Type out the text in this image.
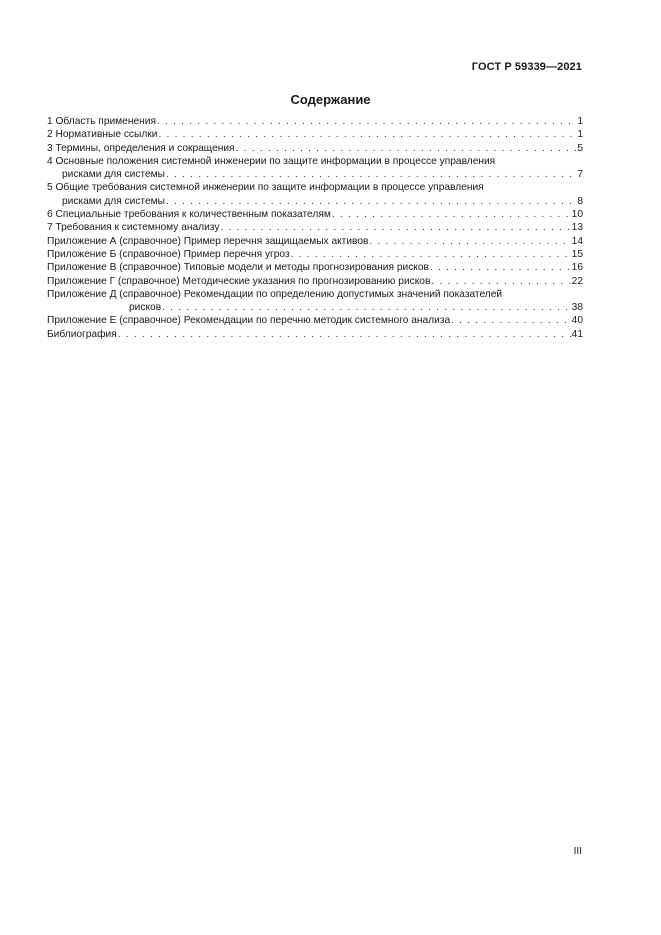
ГОСТ Р 59339—2021
Содержание
1 Область применения . . .	1
2 Нормативные ссылки . . .	1
3 Термины, определения и сокращения . . .	5
4 Основные положения системной инженерии по защите информации в процессе управления
рисками для системы . . .	7
5 Общие требования системной инженерии по защите информации в процессе управления
рисками для системы . . .	8
6 Специальные требования к количественным показателям . . .	10
7 Требования к системному анализу . . .	13
Приложение А (справочное) Пример перечня защищаемых активов . . .	14
Приложение Б (справочное) Пример перечня угроз . . .	15
Приложение В (справочное) Типовые модели и методы прогнозирования рисков . . .	16
Приложение Г (справочное) Методические указания по прогнозированию рисков . . .	22
Приложение Д (справочное) Рекомендации по определению допустимых значений показателей
рисков . . .	38
Приложение Е (справочное) Рекомендации по перечню методик системного анализа . . .	40
Библиография . . .	41
III
